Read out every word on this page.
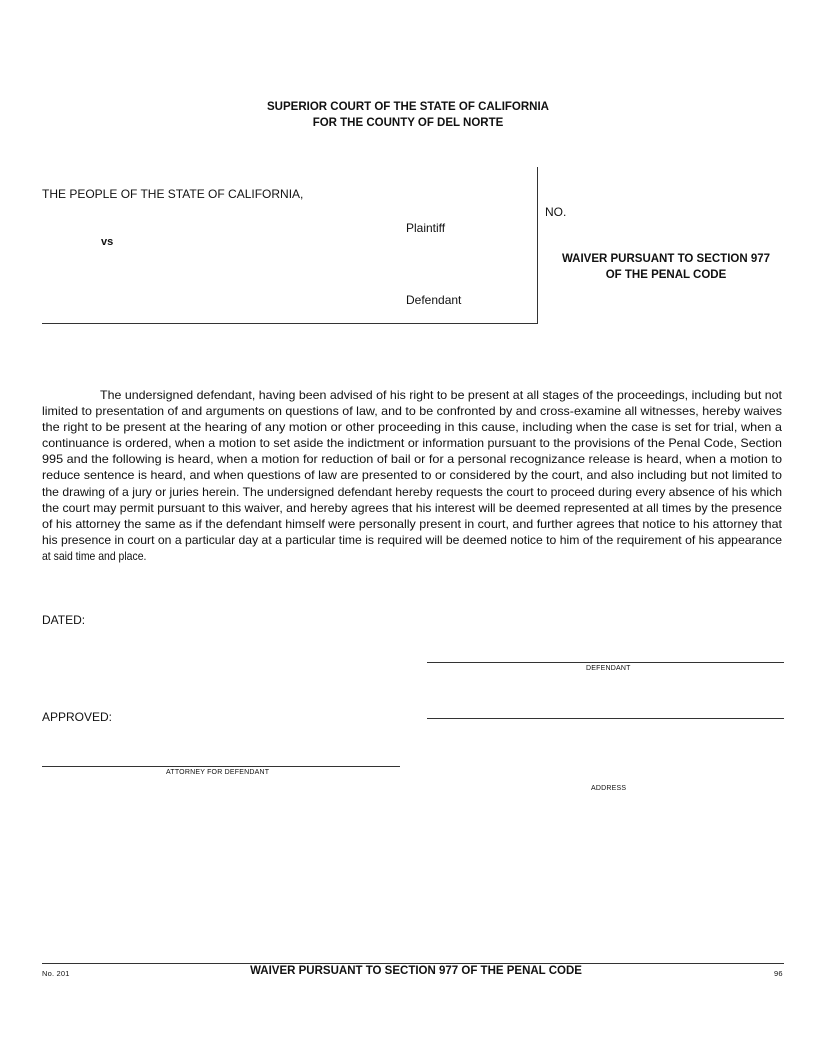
SUPERIOR COURT OF THE STATE OF CALIFORNIA
FOR THE COUNTY OF DEL NORTE
THE PEOPLE OF THE STATE OF CALIFORNIA,
Plaintiff
vs
Defendant
NO.
WAIVER PURSUANT TO SECTION 977
OF THE PENAL CODE
The undersigned defendant, having been advised of his right to be present at all stages of the proceedings, including but not
limited to presentation of and arguments on questions of law, and to be confronted by and cross-examine all witnesses, hereby waives
the right to be present at the hearing of any motion or other proceeding in this cause, including when the case is set for trial, when a
continuance is ordered, when a motion to set aside the indictment or information pursuant to the provisions of the Penal Code, Section
995 and the following is heard, when a motion for reduction of bail or for a personal recognizance release is heard, when a motion to
reduce sentence is heard, and when questions of law are presented to or considered by the court, and also including but not limited to
the drawing of a jury or juries herein. The undersigned defendant hereby requests the court to proceed during every absence of his which
the court may permit pursuant to this waiver, and hereby agrees that his interest will be deemed represented at all times by the presence
of his attorney the same as if the defendant himself were personally present in court, and further agrees that notice to his attorney that
his presence in court on a particular day at a particular time is required will be deemed notice to him of the requirement of his appearance
at said time and place.
DATED:
DEFENDANT
APPROVED:
ATTORNEY FOR DEFENDANT
ADDRESS
No. 201	WAIVER PURSUANT TO SECTION 977 OF THE PENAL CODE	96
